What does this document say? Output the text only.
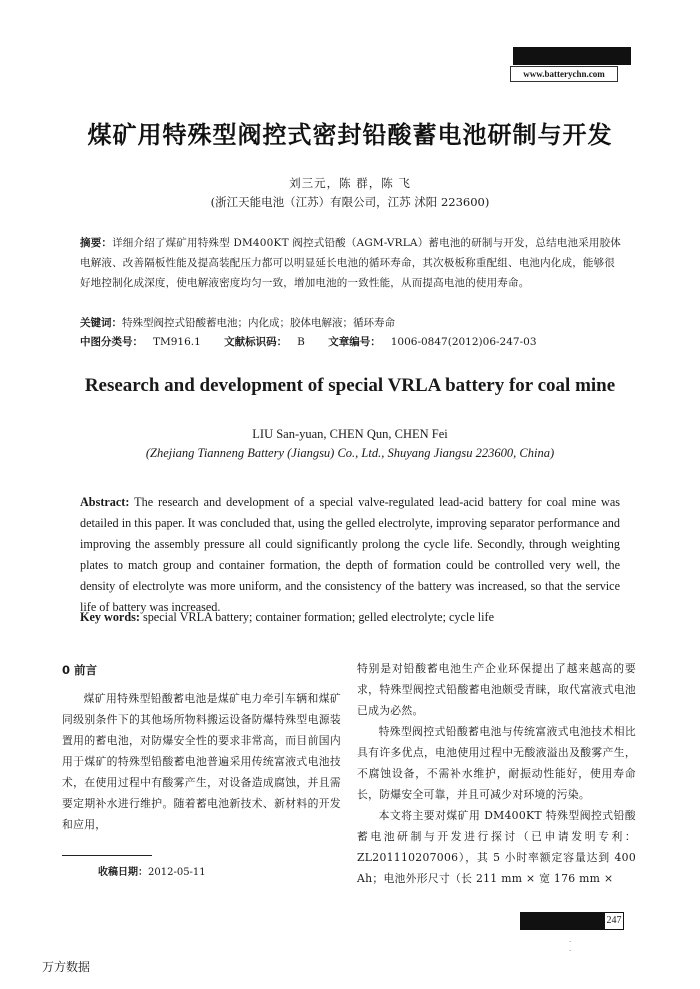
www.batterychn.com
煤矿用特殊型阀控式密封铅酸蓄电池研制与开发
刘三元，陈 群，陈 飞
(浙江天能电池（江苏）有限公司，江苏 沭阳 223600)
摘要：详细介绍了煤矿用特殊型 DM400KT 阀控式铅酸（AGM-VRLA）蓄电池的研制与开发，总结电池采用胶体电解液、改善隔板性能及提高装配压力都可以明显延长电池的循环寿命，其次极板称重配组、电池内化成，能够很好地控制化成深度，使电解液密度均匀一致，增加电池的一致性能，从而提高电池的使用寿命。
关键词：特殊型阀控式铅酸蓄电池；内化成；胶体电解液；循环寿命
中图分类号： TM916.1 文献标识码： B 文章编号： 1006-0847(2012)06-247-03
Research and development of special VRLA battery for coal mine
LIU San-yuan, CHEN Qun, CHEN Fei
(Zhejiang Tianneng Battery (Jiangsu) Co., Ltd., Shuyang Jiangsu 223600, China)
Abstract: The research and development of a special valve-regulated lead-acid battery for coal mine was detailed in this paper. It was concluded that, using the gelled electrolyte, improving separator performance and improving the assembly pressure all could significantly prolong the cycle life. Secondly, through weighting plates to match group and container formation, the depth of formation could be controlled very well, the density of electrolyte was more uniform, and the consistency of the battery was increased, so that the service life of battery was increased.
Key words: special VRLA battery; container formation; gelled electrolyte; cycle life
0 前言
煤矿用特殊型铅酸蓄电池是煤矿电力牵引车辆和煤矿同级别条件下的其他场所物料搬运设备防爆特殊型电源装置用的蓄电池，对防爆安全性的要求非常高，而目前国内用于煤矿的特殊型铅酸蓄电池普遍采用传统富液式电池技术，在使用过程中有酸雾产生，对设备造成腐蚀，并且需要定期补水进行维护。随着蓄电池新技术、新材料的开发和应用，
特别是对铅酸蓄电池生产企业环保提出了越来越高的要求，特殊型阀控式铅酸蓄电池颇受青睐，取代富液式电池已成为必然。
特殊型阀控式铅酸蓄电池与传统富液式电池技术相比具有许多优点，电池使用过程中无酸液溢出及酸雾产生，不腐蚀设备，不需补水维护，耐振动性能好，使用寿命长，防爆安全可靠，并且可减少对环境的污染。
本文将主要对煤矿用 DM400KT 特殊型阀控式铅酸蓄电池研制与开发进行探讨（已申请发明专利：ZL201110207006），其 5 小时率额定容量达到 400 Ah；电池外形尺寸（长 211 mm × 宽 176 mm ×
收稿日期：2012-05-11
247
·
·
万方数据
